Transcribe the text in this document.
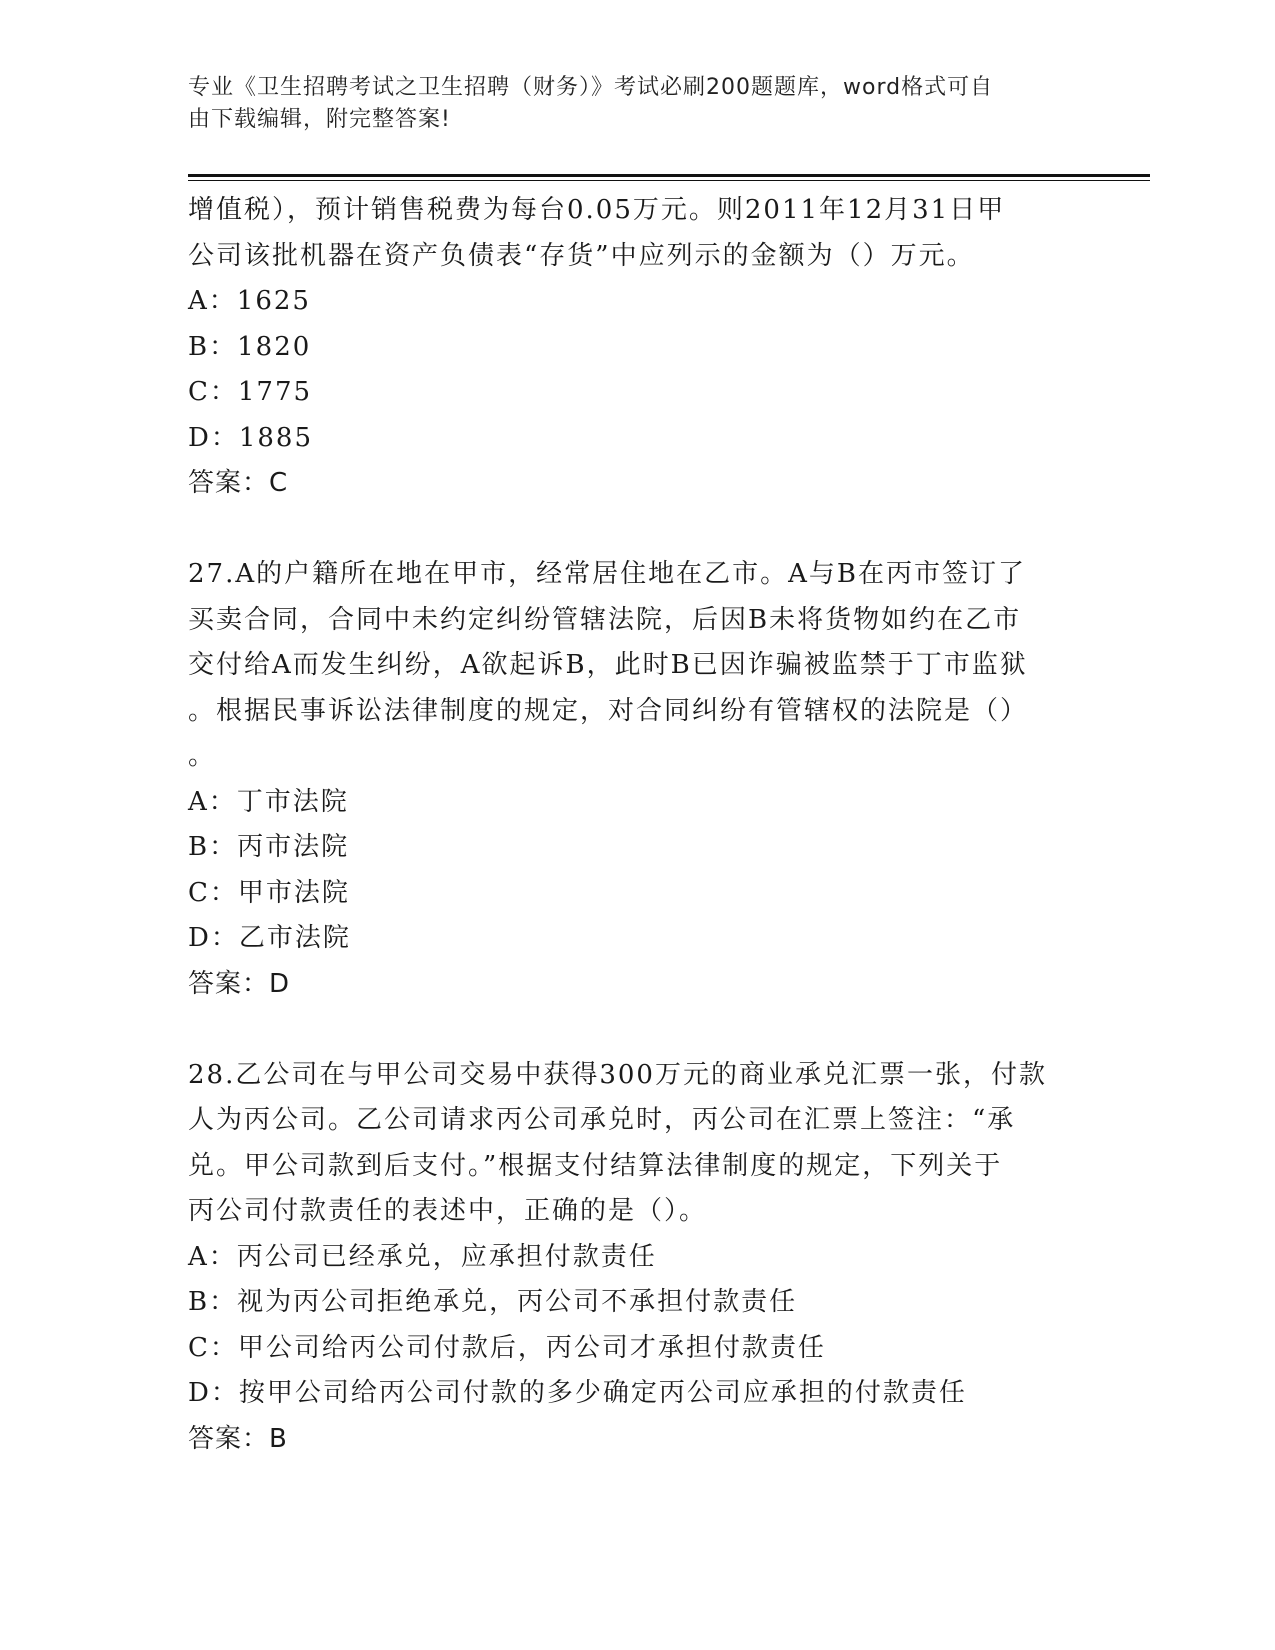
专业《卫生招聘考试之卫生招聘（财务）》考试必刷200题题库，word格式可自
由下载编辑，附完整答案!
增值税），预计销售税费为每台0.05万元。则2011年12月31日甲
公司该批机器在资产负债表“存货”中应列示的金额为（）万元。
A：1625
B：1820
C：1775
D：1885
答案：C
27.A的户籍所在地在甲市，经常居住地在乙市。A与B在丙市签订了
买卖合同，合同中未约定纠纷管辖法院，后因B未将货物如约在乙市
交付给A而发生纠纷，A欲起诉B，此时B已因诈骗被监禁于丁市监狱
。根据民事诉讼法律制度的规定，对合同纠纷有管辖权的法院是（）
。
A：丁市法院
B：丙市法院
C：甲市法院
D：乙市法院
答案：D
28.乙公司在与甲公司交易中获得300万元的商业承兑汇票一张，付款
人为丙公司。乙公司请求丙公司承兑时，丙公司在汇票上签注：“承
兑。甲公司款到后支付。”根据支付结算法律制度的规定，下列关于
丙公司付款责任的表述中，正确的是（）。
A：丙公司已经承兑，应承担付款责任
B：视为丙公司拒绝承兑，丙公司不承担付款责任
C：甲公司给丙公司付款后，丙公司才承担付款责任
D：按甲公司给丙公司付款的多少确定丙公司应承担的付款责任
答案：B
